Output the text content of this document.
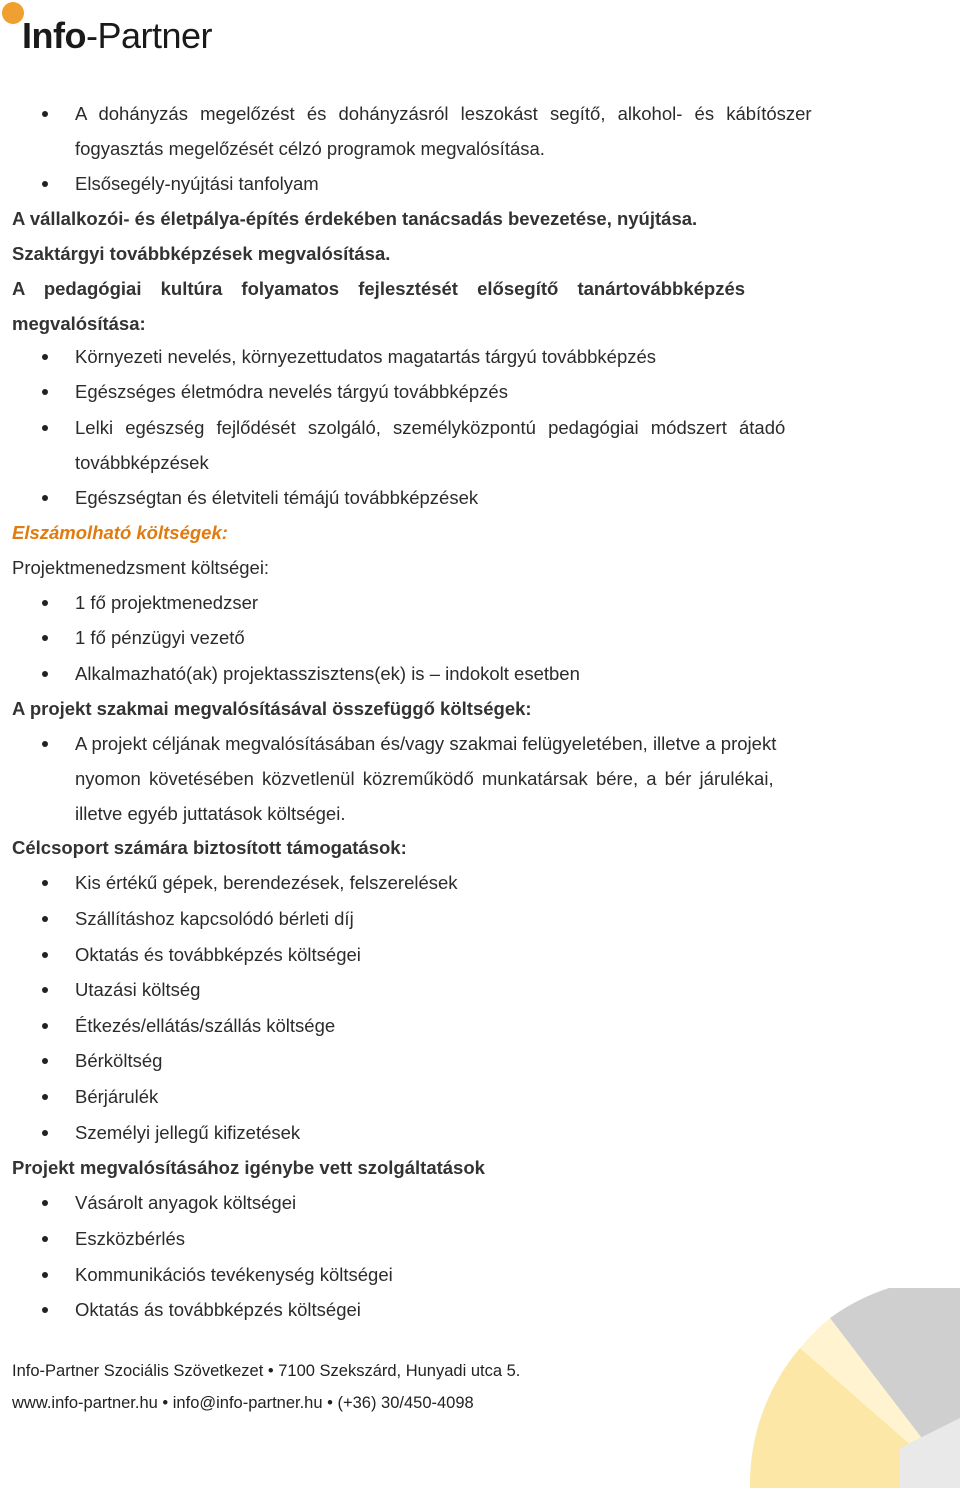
Info-Partner
A dohányzás megelőzést és dohányzásról leszokást segítő, alkohol- és kábítószer
fogyasztás megelőzését célzó programok megvalósítása.
Elsősegély-nyújtási tanfolyam
A vállalkozói- és életpálya-építés érdekében tanácsadás bevezetése, nyújtása.
Szaktárgyi továbbképzések megvalósítása.
A pedagógiai kultúra folyamatos fejlesztését elősegítő tanártovábbképzés
megvalósítása:
Környezeti nevelés, környezettudatos magatartás tárgyú továbbképzés
Egészséges életmódra nevelés tárgyú továbbképzés
Lelki egészség fejlődését szolgáló, személyközpontú pedagógiai módszert átadó
továbbképzések
Egészségtan és életviteli témájú továbbképzések
Elszámolható költségek:
Projektmenedzsment költségei:
1 fő projektmenedzser
1 fő pénzügyi vezető
Alkalmazható(ak) projektasszisztens(ek) is – indokolt esetben
A projekt szakmai megvalósításával összefüggő költségek:
A projekt céljának megvalósításában és/vagy szakmai felügyeletében, illetve a projekt
nyomon követésében közvetlenül közreműködő munkatársak bére, a bér járulékai,
illetve egyéb juttatások költségei.
Célcsoport számára biztosított támogatások:
Kis értékű gépek, berendezések, felszerelések
Szállításhoz kapcsolódó bérleti díj
Oktatás és továbbképzés költségei
Utazási költség
Étkezés/ellátás/szállás költsége
Bérköltség
Bérjárulék
Személyi jellegű kifizetések
Projekt megvalósításához igénybe vett szolgáltatások
Vásárolt anyagok költségei
Eszközbérlés
Kommunikációs tevékenység költségei
Oktatás ás továbbképzés költségei
Info-Partner Szociális Szövetkezet • 7100 Szekszárd, Hunyadi utca 5.
www.info-partner.hu • info@info-partner.hu • (+36) 30/450-4098
